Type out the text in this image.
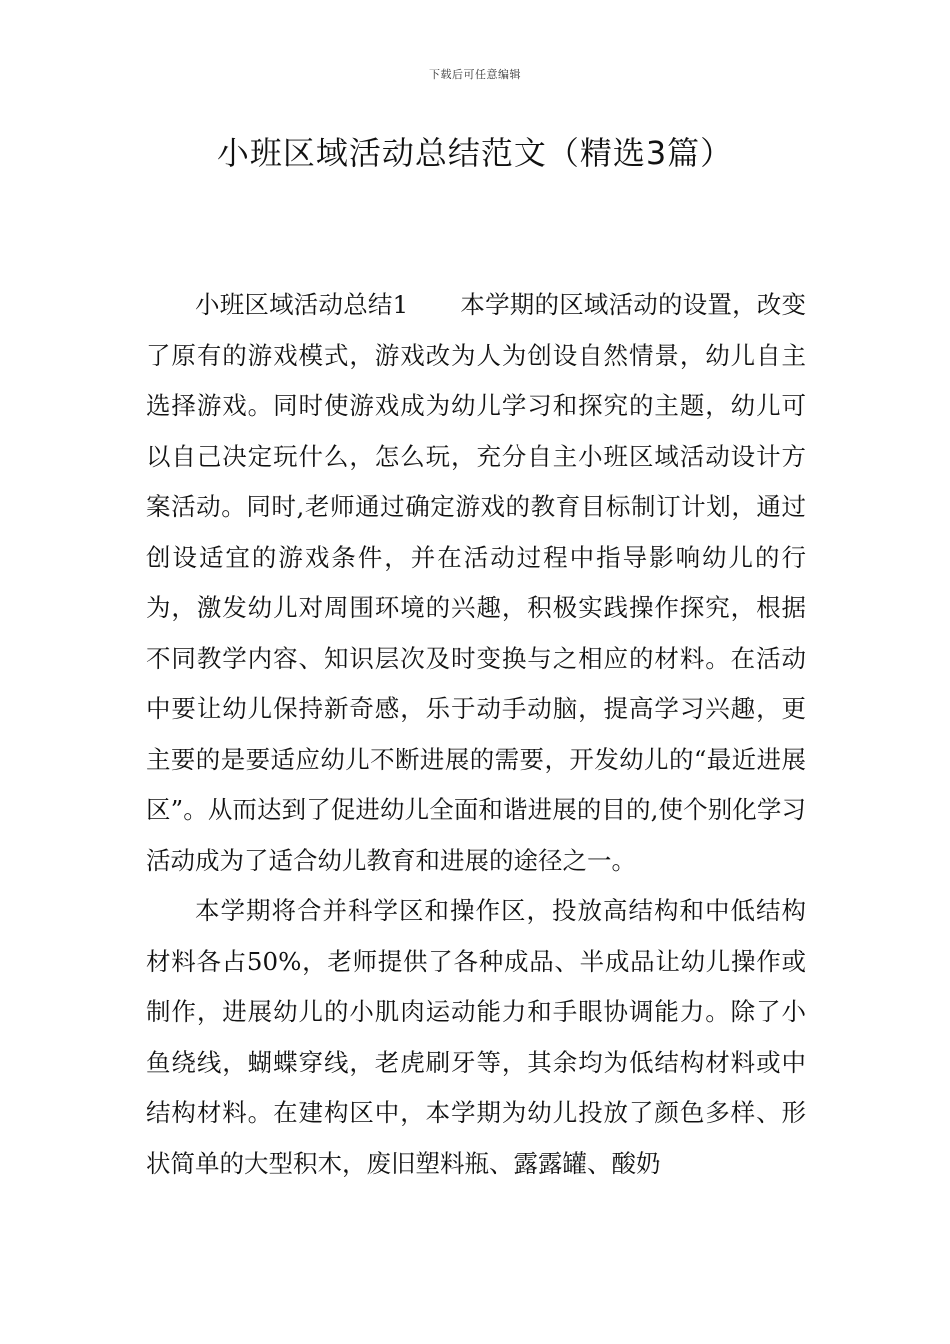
下载后可任意编辑
小班区域活动总结范文（精选3篇）

小班区域活动总结1 本学期的区域活动的设置，改变了原有的游戏模式，游戏改为人为创设自然情景，幼儿自主选择游戏。同时使游戏成为幼儿学习和探究的主题，幼儿可以自己决定玩什么，怎么玩，充分自主小班区域活动设计方案活动。同时,老师通过确定游戏的教育目标制订计划，通过创设适宜的游戏条件，并在活动过程中指导影响幼儿的行为，激发幼儿对周围环境的兴趣，积极实践操作探究，根据不同教学内容、知识层次及时变换与之相应的材料。在活动中要让幼儿保持新奇感，乐于动手动脑，提高学习兴趣，更主要的是要适应幼儿不断进展的需要，开发幼儿的“最近进展区”。从而达到了促进幼儿全面和谐进展的目的,使个别化学习活动成为了适合幼儿教育和进展的途径之一。

本学期将合并科学区和操作区，投放高结构和中低结构材料各占50%，老师提供了各种成品、半成品让幼儿操作或制作，进展幼儿的小肌肉运动能力和手眼协调能力。除了小鱼绕线，蝴蝶穿线，老虎刷牙等，其余均为低结构材料或中结构材料。在建构区中，本学期为幼儿投放了颜色多样、形状简单的大型积木，废旧塑料瓶、露露罐、酸奶
